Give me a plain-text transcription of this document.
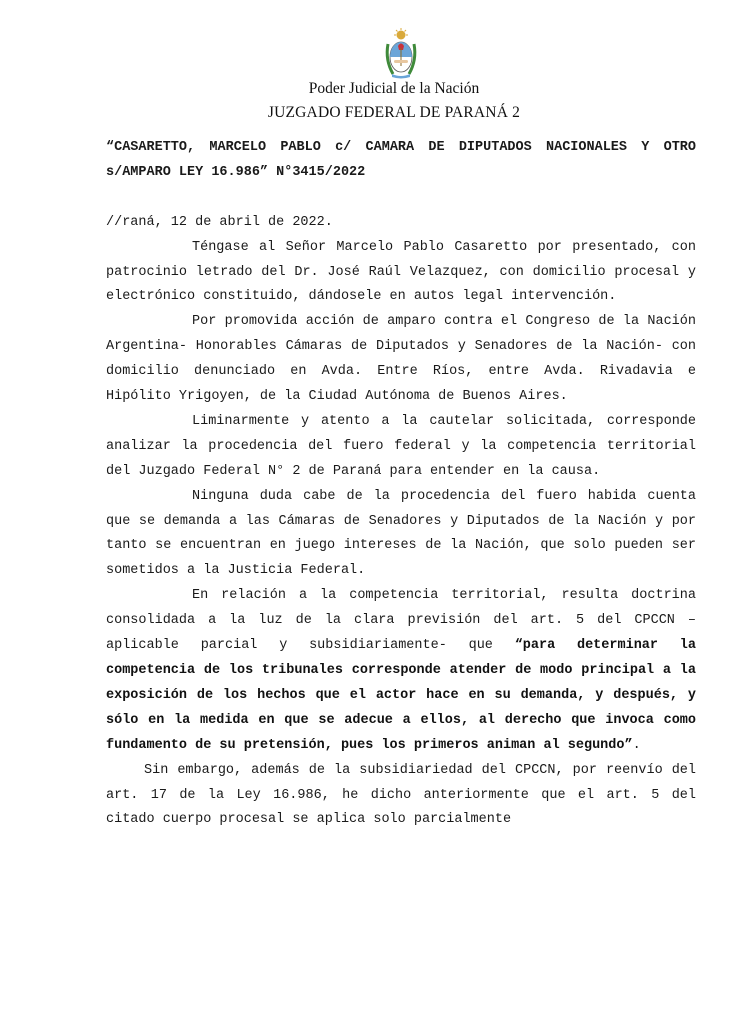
Poder Judicial de la Nación
JUZGADO FEDERAL DE PARANÁ 2

“CASARETTO, MARCELO PABLO c/ CAMARA DE DIPUTADOS NACIONALES Y OTRO s/AMPARO LEY 16.986” N°3415/2022

//raná, 12 de abril de 2022.

Téngase al Señor Marcelo Pablo Casaretto por presentado, con patrocinio letrado del Dr. José Raúl Velazquez, con domicilio procesal y electrónico constituido, dándosele en autos legal intervención.

Por promovida acción de amparo contra el Congreso de la Nación Argentina- Honorables Cámaras de Diputados y Senadores de la Nación- con domicilio denunciado en Avda. Entre Ríos, entre Avda. Rivadavia e Hipólito Yrigoyen, de la Ciudad Autónoma de Buenos Aires.

Liminarmente y atento a la cautelar solicitada, corresponde analizar la procedencia del fuero federal y la competencia territorial del Juzgado Federal N° 2 de Paraná para entender en la causa.

Ninguna duda cabe de la procedencia del fuero habida cuenta que se demanda a las Cámaras de Senadores y Diputados de la Nación y por tanto se encuentran en juego intereses de la Nación, que solo pueden ser sometidos a la Justicia Federal.

En relación a la competencia territorial, resulta doctrina consolidada a la luz de la clara previsión del art. 5 del CPCCN –aplicable parcial y subsidiariamente- que “para determinar la competencia de los tribunales corresponde atender de modo principal a la exposición de los hechos que el actor hace en su demanda, y después, y sólo en la medida en que se adecue a ellos, al derecho que invoca como fundamento de su pretensión, pues los primeros animan al segundo”.

Sin embargo, además de la subsidiariedad del CPCCN, por reenvío del art. 17 de la Ley 16.986, he dicho anteriormente que el art. 5 del citado cuerpo procesal se aplica solo parcialmente
